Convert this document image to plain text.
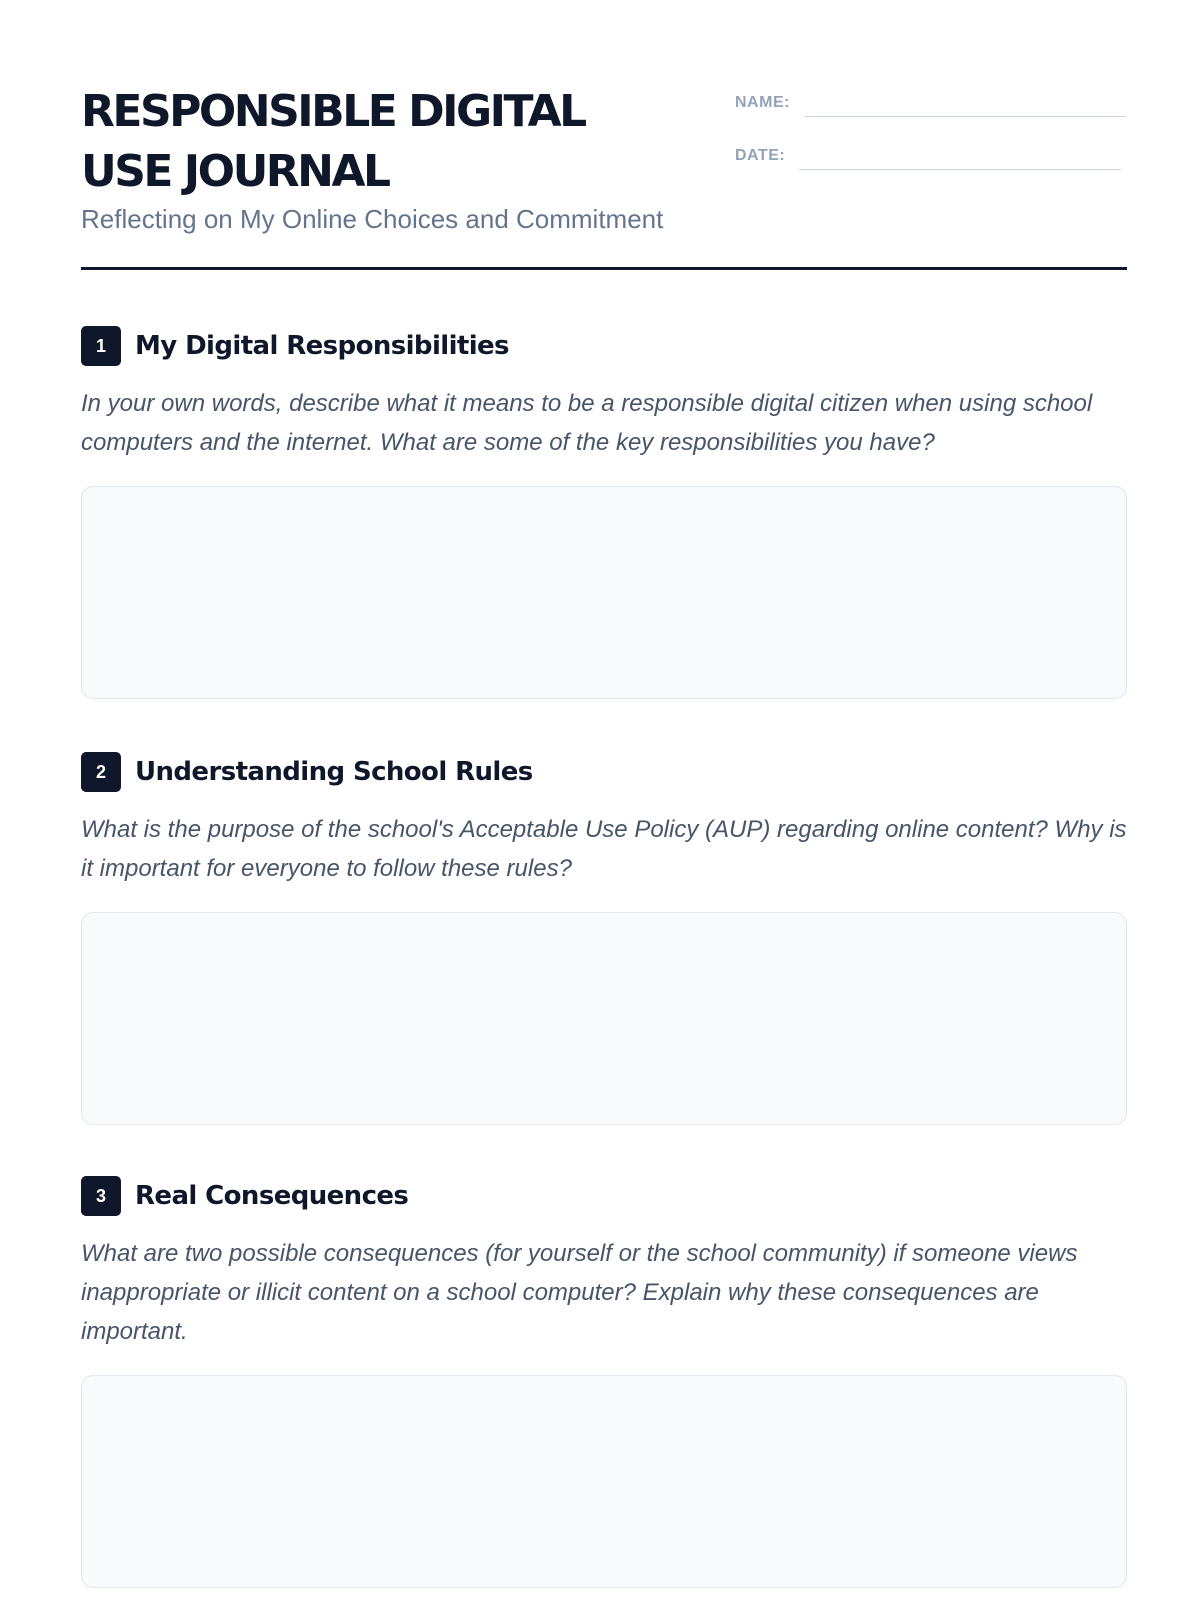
RESPONSIBLE DIGITAL USE JOURNAL
Reflecting on My Online Choices and Commitment
NAME:
DATE:
1	My Digital Responsibilities

In your own words, describe what it means to be a responsible digital citizen when using school computers and the internet. What are some of the key responsibilities you have?

2	Understanding School Rules

What is the purpose of the school's Acceptable Use Policy (AUP) regarding online content? Why is it important for everyone to follow these rules?

3	Real Consequences

What are two possible consequences (for yourself or the school community) if someone views inappropriate or illicit content on a school computer? Explain why these consequences are important.
